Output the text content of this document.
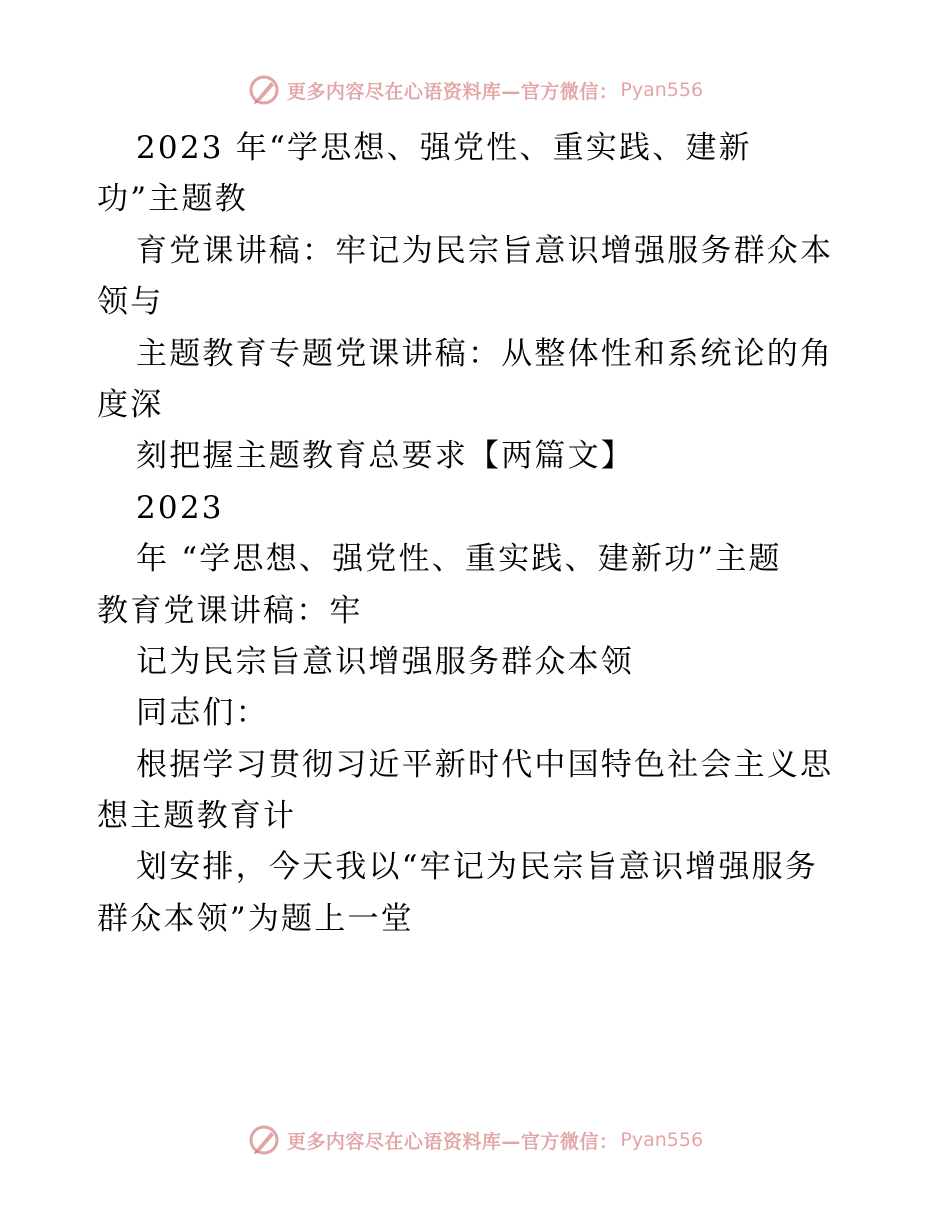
更多内容尽在心语资料库—官方微信： Pyan556
2023 年“学思想、强党性、重实践、建新
功”主题教
育党课讲稿：牢记为民宗旨意识增强服务群众本
领与
主题教育专题党课讲稿：从整体性和系统论的角
度深
刻把握主题教育总要求【两篇文】
2023
年 “学思想、强党性、重实践、建新功”主题
教育党课讲稿：牢
记为民宗旨意识增强服务群众本领
同志们：
根据学习贯彻习近平新时代中国特色社会主义思
想主题教育计
划安排，今天我以“牢记为民宗旨意识增强服务
群众本领”为题上一堂
更多内容尽在心语资料库—官方微信： Pyan556
